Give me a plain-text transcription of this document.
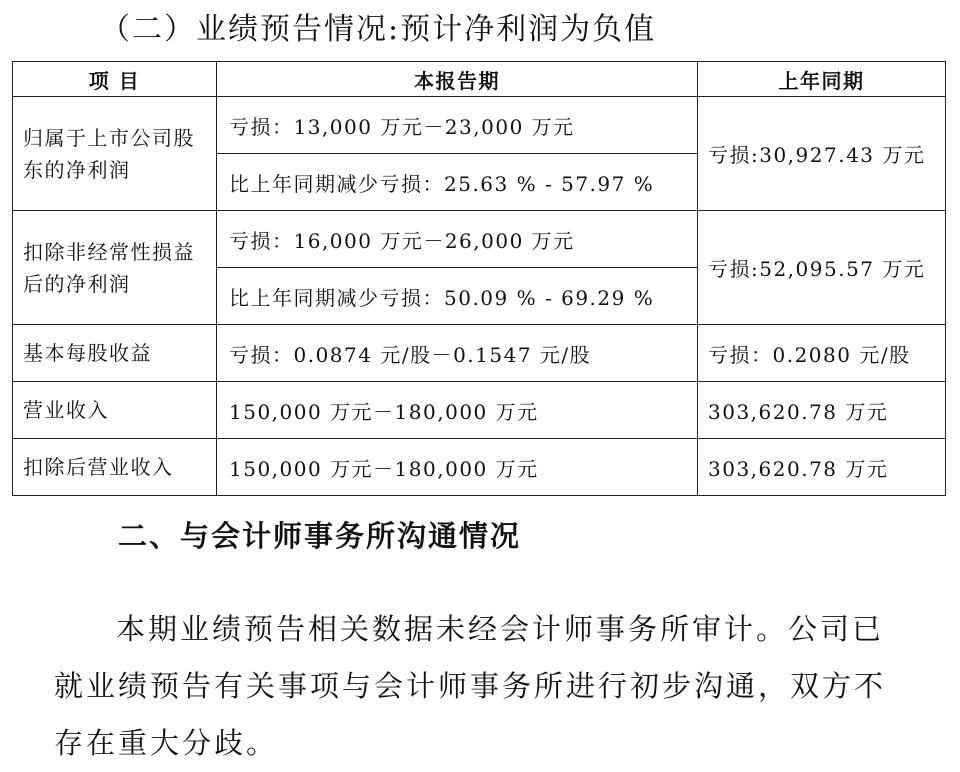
（二）业绩预告情况:预计净利润为负值
项 目	本报告期	上年同期
归属于上市公司股东的净利润	亏损：13,000 万元－23,000 万元	亏损:30,927.43 万元
	比上年同期减少亏损：25.63 % - 57.97 %	
扣除非经常性损益后的净利润	亏损：16,000 万元－26,000 万元	亏损:52,095.57 万元
	比上年同期减少亏损：50.09 % - 69.29 %	
基本每股收益	亏损：0.0874 元/股－0.1547 元/股	亏损：0.2080 元/股
营业收入	150,000 万元－180,000 万元	303,620.78 万元
扣除后营业收入	150,000 万元－180,000 万元	303,620.78 万元
二、与会计师事务所沟通情况

本期业绩预告相关数据未经会计师事务所审计。公司已就业绩预告有关事项与会计师事务所进行初步沟通，双方不存在重大分歧。
